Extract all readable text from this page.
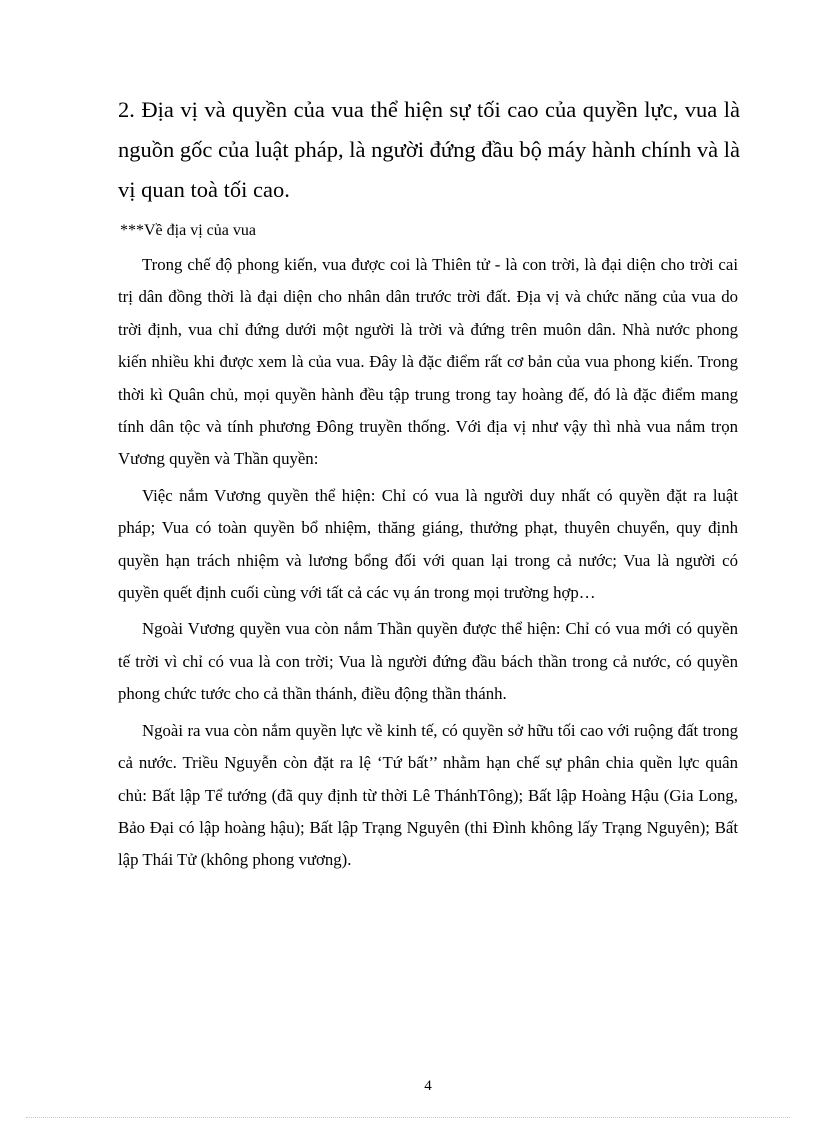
2. Địa vị và quyền của vua thể hiện sự tối cao của quyền lực, vua là nguồn gốc của luật pháp, là người đứng đầu bộ máy hành chính và là vị quan toà tối cao.
***Về địa vị của vua

Trong chế độ phong kiến, vua được coi là Thiên tử - là con trời, là đại diện cho trời cai trị dân đồng thời là đại diện cho nhân dân trước trời đất. Địa vị và chức năng của vua do trời định, vua chỉ đứng dưới một người là trời và đứng trên muôn dân. Nhà nước phong kiến nhiều khi được xem là của vua. Đây là đặc điểm rất cơ bản của vua phong kiến. Trong thời kì Quân chủ, mọi quyền hành đều tập trung trong tay hoàng đế, đó là đặc điểm mang tính dân tộc và tính phương Đông truyền thống. Với địa vị như vậy thì nhà vua nắm trọn Vương quyền và Thần quyền:

Việc nắm Vương quyền thể hiện: Chỉ có vua là người duy nhất có quyền đặt ra luật pháp; Vua có toàn quyền bổ nhiệm, thăng giáng, thưởng phạt, thuyên chuyển, quy định quyền hạn trách nhiệm và lương bổng đối với quan lại trong cả nước; Vua là người có quyền quết định cuối cùng với tất cả các vụ án trong mọi trường hợp…

Ngoài Vương quyền vua còn nắm Thần quyền được thể hiện: Chỉ có vua mới có quyền tế trời vì chỉ có vua là con trời; Vua là người đứng đầu bách thần trong cả nước, có quyền phong chức tước cho cả thần thánh, điều động thần thánh.

Ngoài ra vua còn nắm quyền lực về kinh tế, có quyền sở hữu tối cao với ruộng đất trong cả nước. Triều Nguyễn còn đặt ra lệ ‘Tứ bất’’ nhằm hạn chế sự phân chia quền lực quân chủ: Bất lập Tể tướng (đã quy định từ thời Lê ThánhTông); Bất lập Hoàng Hậu (Gia Long, Bảo Đại có lập hoàng hậu); Bất lập Trạng Nguyên (thi Đình không lấy Trạng Nguyên); Bất lập Thái Tử (không phong vương).

4
